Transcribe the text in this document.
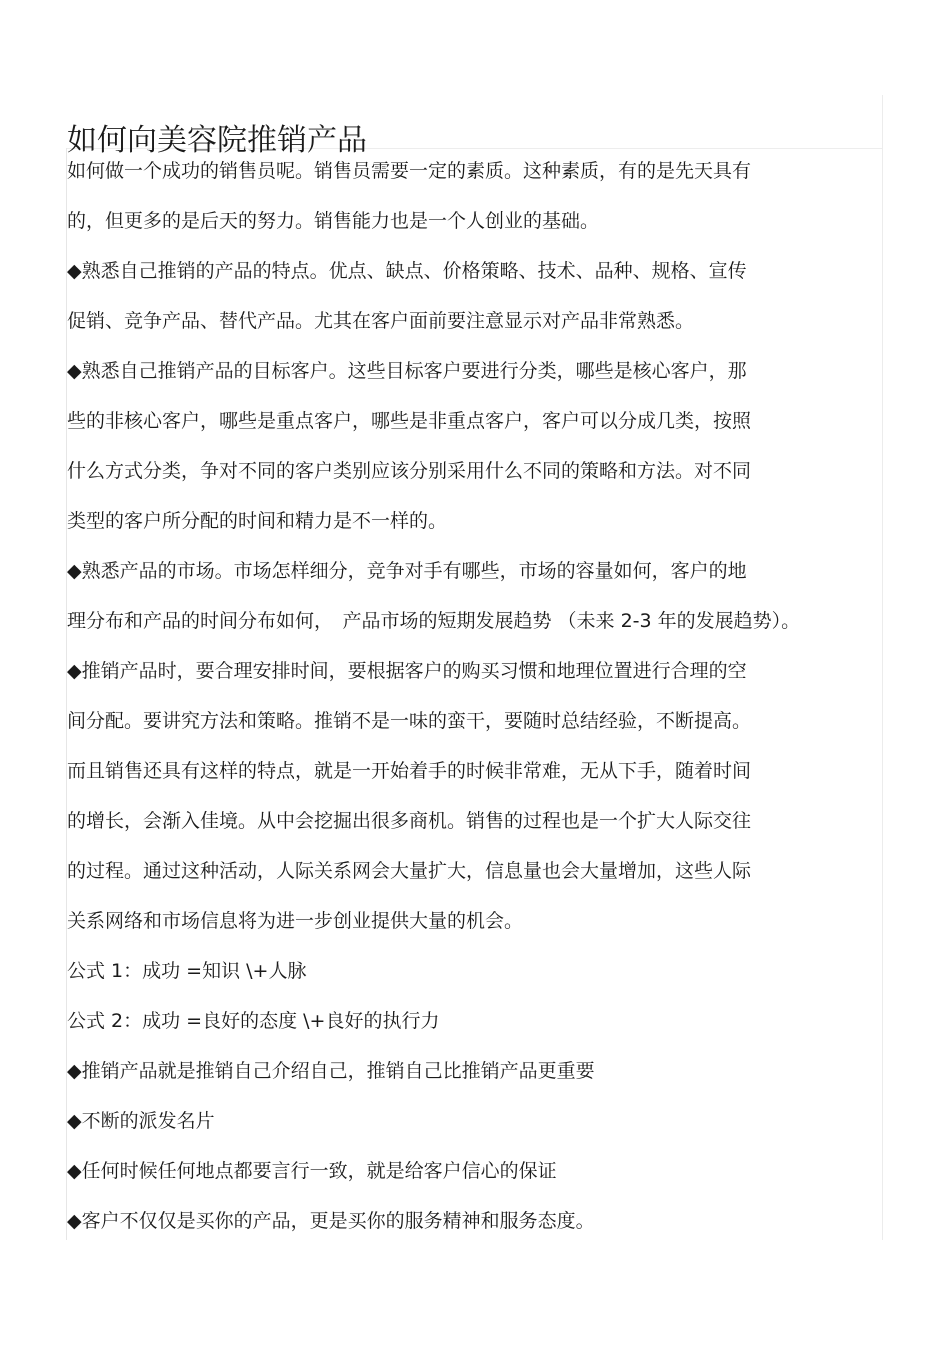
如何向美容院推销产品
如何做一个成功的销售员呢。销售员需要一定的素质。这种素质，有的是先天具有
的，但更多的是后天的努力。销售能力也是一个人创业的基础。
◆熟悉自己推销的产品的特点。优点、缺点、价格策略、技术、品种、规格、宣传
促销、竞争产品、替代产品。尤其在客户面前要注意显示对产品非常熟悉。
◆熟悉自己推销产品的目标客户。这些目标客户要进行分类，哪些是核心客户，那
些的非核心客户，哪些是重点客户，哪些是非重点客户，客户可以分成几类，按照
什么方式分类，争对不同的客户类别应该分别采用什么不同的策略和方法。对不同
类型的客户所分配的时间和精力是不一样的。
◆熟悉产品的市场。市场怎样细分，竞争对手有哪些，市场的容量如何，客户的地
理分布和产品的时间分布如何，　产品市场的短期发展趋势 （未来 2-3 年的发展趋势）。
◆推销产品时，要合理安排时间，要根据客户的购买习惯和地理位置进行合理的空
间分配。要讲究方法和策略。推销不是一味的蛮干，要随时总结经验，不断提高。
而且销售还具有这样的特点，就是一开始着手的时候非常难，无从下手，随着时间
的增长，会渐入佳境。从中会挖掘出很多商机。销售的过程也是一个扩大人际交往
的过程。通过这种活动，人际关系网会大量扩大，信息量也会大量增加，这些人际
关系网络和市场信息将为进一步创业提供大量的机会。
公式 1：成功 =知识 \+人脉
公式 2：成功 =良好的态度 \+良好的执行力
◆推销产品就是推销自己介绍自己，推销自己比推销产品更重要
◆不断的派发名片
◆任何时候任何地点都要言行一致，就是给客户信心的保证
◆客户不仅仅是买你的产品，更是买你的服务精神和服务态度。
